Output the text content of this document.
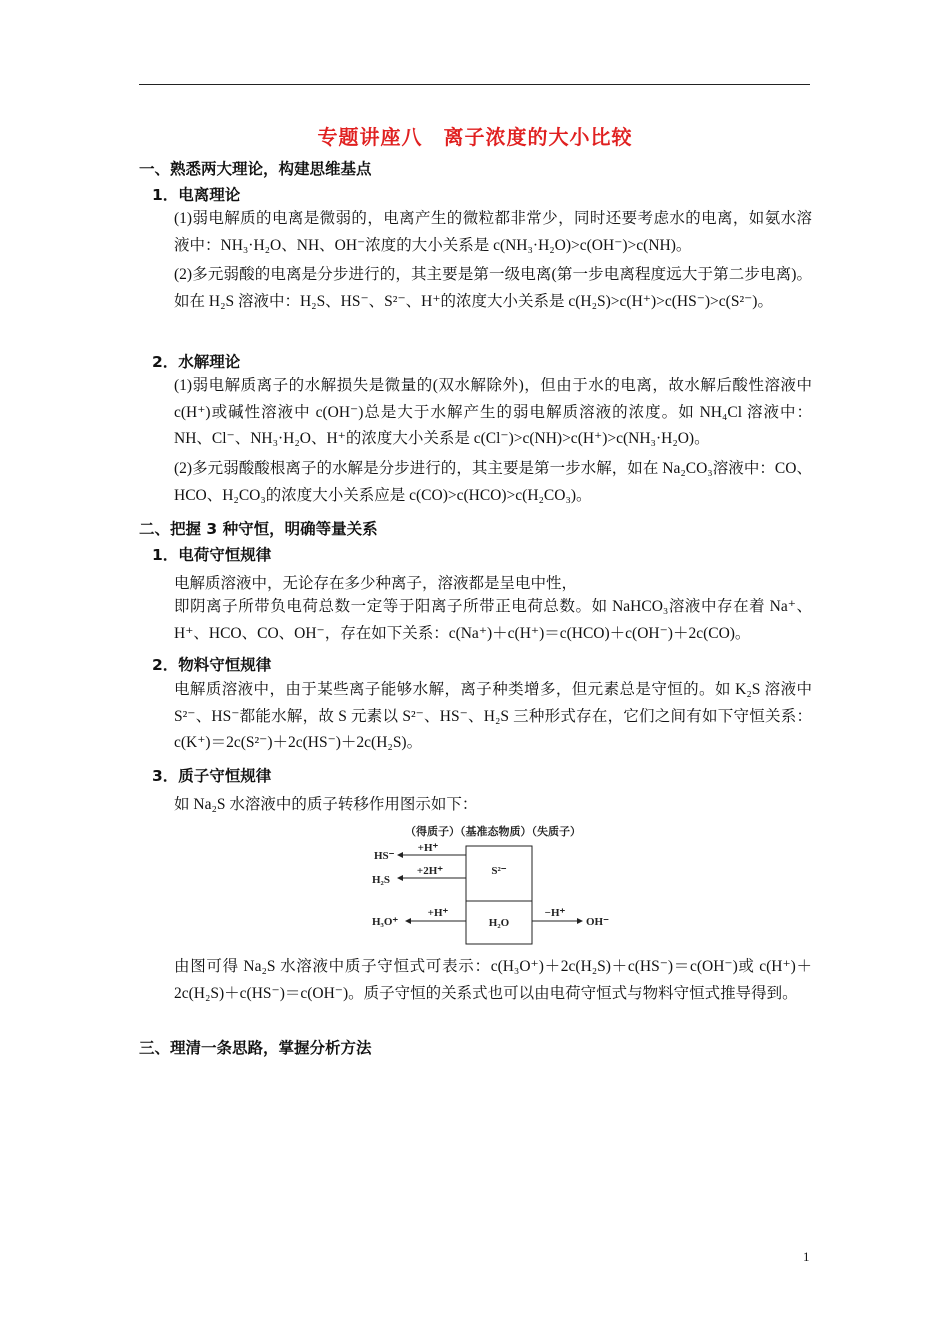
专题讲座八　离子浓度的大小比较
一、熟悉两大理论，构建思维基点
1．电离理论
(1)弱电解质的电离是微弱的，电离产生的微粒都非常少，同时还要考虑水的电离，如氨水溶液中：NH₃·H₂O、NH、OH⁻浓度的大小关系是 c(NH₃·H₂O)>c(OH⁻)>c(NH)。
(2)多元弱酸的电离是分步进行的，其主要是第一级电离(第一步电离程度远大于第二步电离)。如在 H₂S 溶液中：H₂S、HS⁻、S²⁻、H⁺的浓度大小关系是 c(H₂S)>c(H⁺)>c(HS⁻)>c(S²⁻)。
2．水解理论
(1)弱电解质离子的水解损失是微量的(双水解除外)，但由于水的电离，故水解后酸性溶液中 c(H⁺)或碱性溶液中 c(OH⁻)总是大于水解产生的弱电解质溶液的浓度。如 NH₄Cl 溶液中：NH、Cl⁻、NH₃·H₂O、H⁺的浓度大小关系是 c(Cl⁻)>c(NH)>c(H⁺)>c(NH₃·H₂O)。
(2)多元弱酸酸根离子的水解是分步进行的，其主要是第一步水解，如在 Na₂CO₃溶液中：CO、HCO、H₂CO₃的浓度大小关系应是 c(CO)>c(HCO)>c(H₂CO₃)。
二、把握 3 种守恒，明确等量关系
1．电荷守恒规律
电解质溶液中，无论存在多少种离子，溶液都是呈电中性，
即阴离子所带负电荷总数一定等于阳离子所带正电荷总数。如 NaHCO₃溶液中存在着 Na⁺、H⁺、HCO、CO、OH⁻，存在如下关系：c(Na⁺)＋c(H⁺)＝c(HCO)＋c(OH⁻)＋2c(CO)。
2．物料守恒规律
电解质溶液中，由于某些离子能够水解，离子种类增多，但元素总是守恒的。如 K₂S 溶液中 S²⁻、HS⁻都能水解，故 S 元素以 S²⁻、HS⁻、H₂S 三种形式存在，它们之间有如下守恒关系：c(K⁺)＝2c(S²⁻)＋2c(HS⁻)＋2c(H₂S)。
3．质子守恒规律
如 Na₂S 水溶液中的质子转移作用图示如下：
（得质子）（基准态物质）（失质子）
S²⁻
H₂O
HS⁻
+H⁺
H₂S
+2H⁺
H₃O⁺
+H⁺	−H⁺
OH⁻
由图可得 Na₂S 水溶液中质子守恒式可表示：c(H₃O⁺)＋2c(H₂S)＋c(HS⁻)＝c(OH⁻)或 c(H⁺)＋2c(H₂S)＋c(HS⁻)＝c(OH⁻)。质子守恒的关系式也可以由电荷守恒式与物料守恒式推导得到。
三、理清一条思路，掌握分析方法
1
